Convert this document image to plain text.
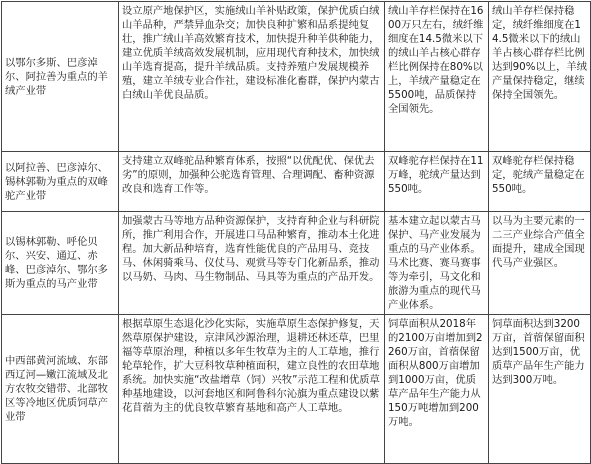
以鄂尔多斯、巴彦淖尔、阿拉善为重点的羊绒产业带	设立原产地保护区，实施绒山羊补贴政策，保护优质白绒山羊品种，严禁异血杂交；加快良种扩繁和品系提纯复壮，推广绒山羊高效繁育技术，加快提升种羊供种能力，建立优质羊绒高效发展机制，应用现代育种技术，加快绒山羊选育提高，提升羊绒品质。支持养殖户发展规模养殖，建立羊绒专业合作社，建设标准化畜群，保护内蒙古白绒山羊优良品质。	绒山羊存栏保持在1600万只左右，绒纤维细度在14.5微米以下的绒山羊占核心群存栏比例保持在80%以上，羊绒产量稳定在5500吨，品质保持全国领先。	绒山羊存栏保持稳定，绒纤维细度在14.5微米以下的绒山羊占核心群存栏比例达到90%以上，羊绒产量保持稳定，继续保持全国领先。
以阿拉善、巴彦淖尔、锡林郭勒为重点的双峰驼产业带	支持建立双峰驼品种繁育体系，按照“以优配优、保优去劣”的原则，加强种公驼选育管理、合理调配、畜种资源改良和选育工作等。	双峰驼存栏保持在11万峰，驼绒产量达到550吨。	双峰驼存栏保持稳定，驼绒产量稳定在550吨。
以锡林郭勒、呼伦贝尔、兴安、通辽、赤峰、巴彦淖尔、鄂尔多斯为重点的马产业带	加强蒙古马等地方品种资源保护，支持育种企业与科研院所，推广利用合作，开展进口马品种繁育，推动本土化进程。加大新品种培育，选育性能优良的产品用马、竞技马、休闲骑乘马、仪仗马、观赏马等专门化新品系，推动以马奶、马肉、马生物制品、马具等为重点的产品开发。	基本建立起以蒙古马保护、马产业发展为重点的马产业体系。马术比赛、赛马赛事等为牵引，马文化和旅游为重点的现代马产业体系。	以马为主要元素的一二三产业综合产值全面提升，建成全国现代马产业强区。
中西部黄河流域、东部西辽河—嫩江流域及北方农牧交错带、北部牧区等冷地区优质饲草产业带	根据草原生态退化沙化实际，实施草原生态保护修复，天然草原保护建设，京津风沙源治理，退耕还林还草，巴里福等草原治理，种植以多年生牧草为主的人工草地，推行轮草轮作，扩大豆科牧草种植面积，建立良性的农田草地系统。加快实施“改盐增草（饲）兴牧”示范工程和优质草种基地建设，以河套地区和阿鲁科尔沁旗为重点建设以紫花苜蓿为主的优良牧草繁育基地和高产人工草地。	饲草面积从2018年的2100万亩增加到2260万亩，首蓿保留面积从800万亩增加到1000万亩，优质草产品年生产能力从150万吨增加到200万吨。	饲草面积达到3200万亩，首蓿保留面积达到1500万亩，优质草产品年生产能力达到300万吨。
